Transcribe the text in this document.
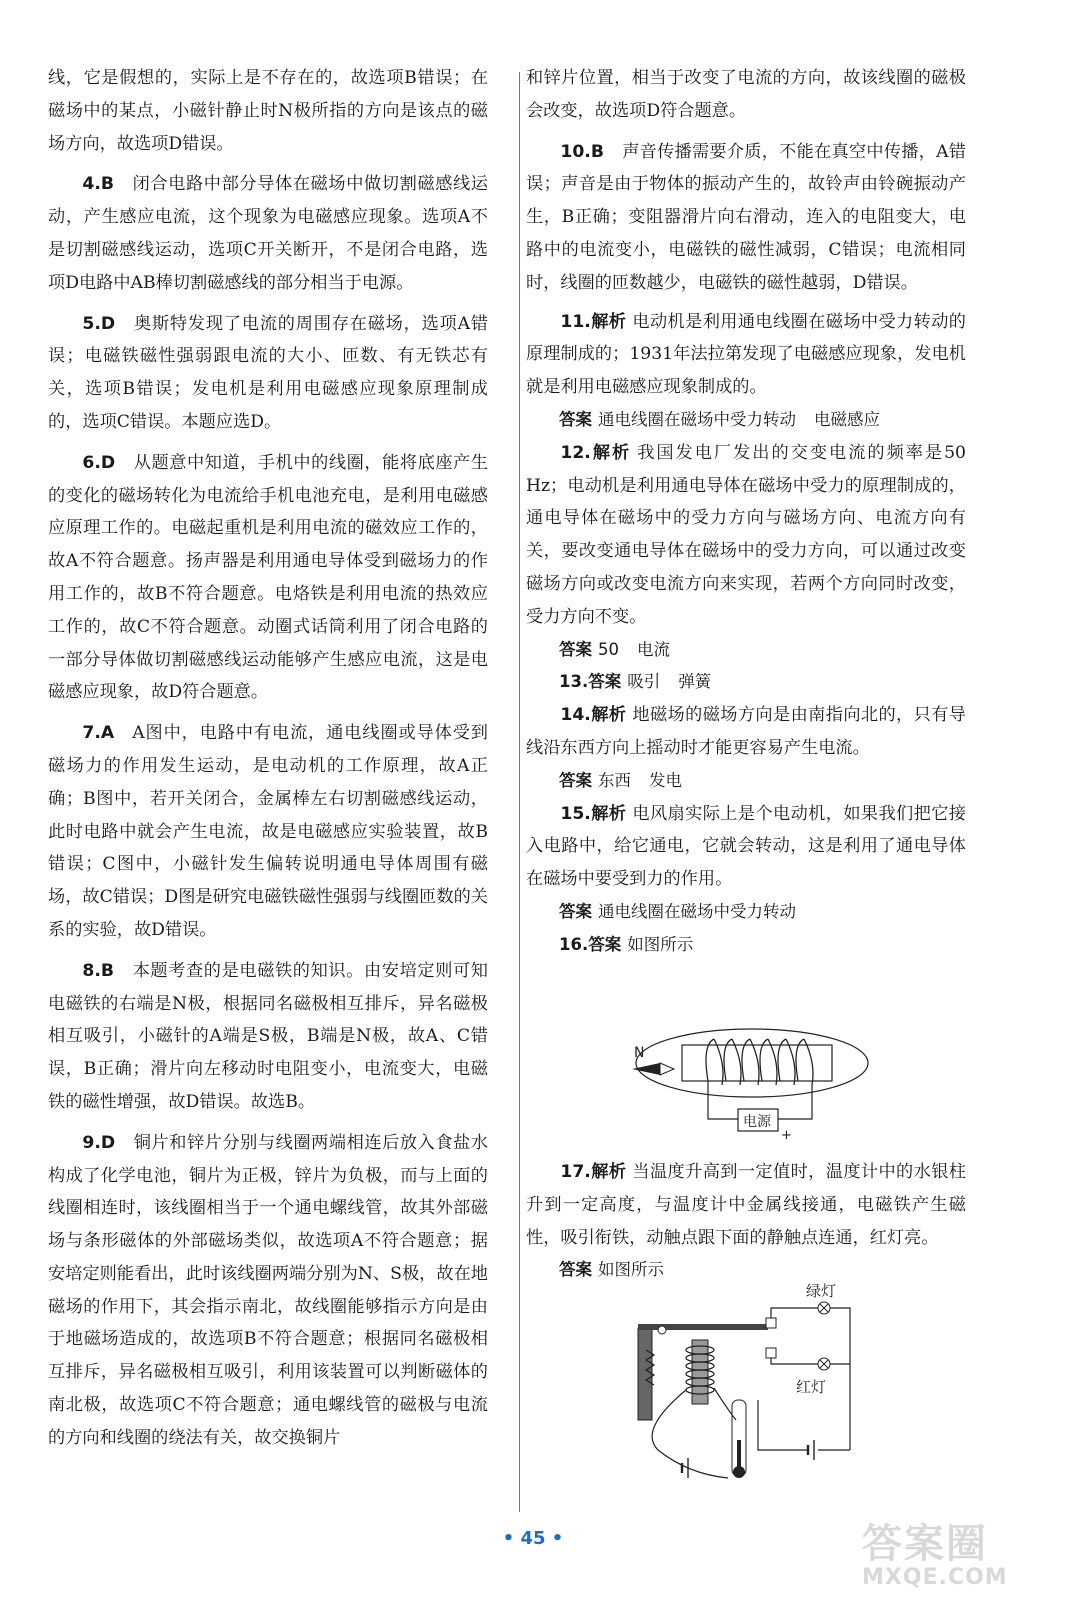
线，它是假想的，实际上是不存在的，故选项B错误；在磁场中的某点，小磁针静止时N极所指的方向是该点的磁场方向，故选项D错误。

4.B 闭合电路中部分导体在磁场中做切割磁感线运动，产生感应电流，这个现象为电磁感应现象。选项A不是切割磁感线运动，选项C开关断开，不是闭合电路，选项D电路中AB棒切割磁感线的部分相当于电源。

5.D 奥斯特发现了电流的周围存在磁场，选项A错误；电磁铁磁性强弱跟电流的大小、匝数、有无铁芯有关，选项B错误；发电机是利用电磁感应现象原理制成的，选项C错误。本题应选D。

6.D 从题意中知道，手机中的线圈，能将底座产生的变化的磁场转化为电流给手机电池充电，是利用电磁感应原理工作的。电磁起重机是利用电流的磁效应工作的，故A不符合题意。扬声器是利用通电导体受到磁场力的作用工作的，故B不符合题意。电烙铁是利用电流的热效应工作的，故C不符合题意。动圈式话筒利用了闭合电路的一部分导体做切割磁感线运动能够产生感应电流，这是电磁感应现象，故D符合题意。

7.A A图中，电路中有电流，通电线圈或导体受到磁场力的作用发生运动，是电动机的工作原理，故A正确；B图中，若开关闭合，金属棒左右切割磁感线运动，此时电路中就会产生电流，故是电磁感应实验装置，故B错误；C图中，小磁针发生偏转说明通电导体周围有磁场，故C错误；D图是研究电磁铁磁性强弱与线圈匝数的关系的实验，故D错误。

8.B 本题考查的是电磁铁的知识。由安培定则可知电磁铁的右端是N极，根据同名磁极相互排斥，异名磁极相互吸引，小磁针的A端是S极，B端是N极，故A、C错误，B正确；滑片向左移动时电阻变小，电流变大，电磁铁的磁性增强，故D错误。故选B。

9.D 铜片和锌片分别与线圈两端相连后放入食盐水构成了化学电池，铜片为正极，锌片为负极，而与上面的线圈相连时，该线圈相当于一个通电螺线管，故其外部磁场与条形磁体的外部磁场类似，故选项A不符合题意；据安培定则能看出，此时该线圈两端分别为N、S极，故在地磁场的作用下，其会指示南北，故线圈能够指示方向是由于地磁场造成的，故选项B不符合题意；根据同名磁极相互排斥，异名磁极相互吸引，利用该装置可以判断磁体的南北极，故选项C不符合题意；通电螺线管的磁极与电流的方向和线圈的绕法有关，故交换铜片

和锌片位置，相当于改变了电流的方向，故该线圈的磁极会改变，故选项D符合题意。

10.B 声音传播需要介质，不能在真空中传播，A错误；声音是由于物体的振动产生的，故铃声由铃碗振动产生，B正确；变阻器滑片向右滑动，连入的电阻变大，电路中的电流变小，电磁铁的磁性减弱，C错误；电流相同时，线圈的匝数越少，电磁铁的磁性越弱，D错误。

11.解析 电动机是利用通电线圈在磁场中受力转动的原理制成的；1931年法拉第发现了电磁感应现象，发电机就是利用电磁感应现象制成的。

答案 通电线圈在磁场中受力转动 电磁感应

12.解析 我国发电厂发出的交变电流的频率是50 Hz；电动机是利用通电导体在磁场中受力的原理制成的，通电导体在磁场中的受力方向与磁场方向、电流方向有关，要改变通电导体在磁场中的受力方向，可以通过改变磁场方向或改变电流方向来实现，若两个方向同时改变，受力方向不变。

答案 50 电流

13.答案 吸引 弹簧

14.解析 地磁场的磁场方向是由南指向北的，只有导线沿东西方向上摇动时才能更容易产生电流。

答案 东西 发电

15.解析 电风扇实际上是个电动机，如果我们把它接入电路中，给它通电，它就会转动，这是利用了通电导体在磁场中要受到力的作用。

答案 通电线圈在磁场中受力转动

16.答案 如图所示

N
电源
+

17.解析 当温度升高到一定值时，温度计中的水银柱升到一定高度，与温度计中金属线接通，电磁铁产生磁性，吸引衔铁，动触点跟下面的静触点连通，红灯亮。

答案 如图所示

绿灯
红灯
• 45 •	答案圈
MXQE.COM
